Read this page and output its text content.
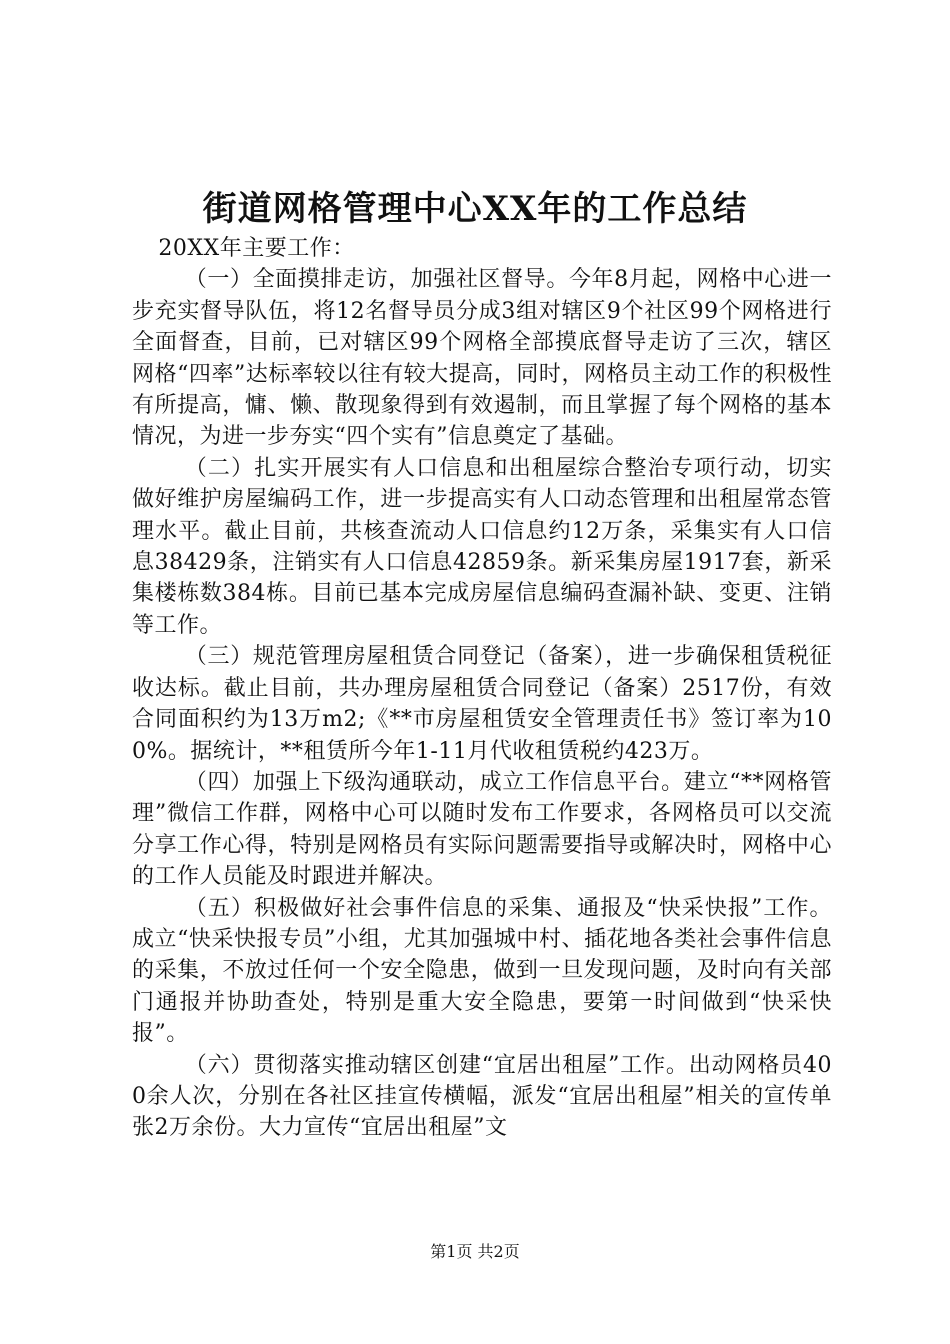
街道网格管理中心XX年的工作总结

20XX年主要工作：

（一）全面摸排走访，加强社区督导。今年8月起，网格中心进一步充实督导队伍，将12名督导员分成3组对辖区9个社区99个网格进行全面督查，目前，已对辖区99个网格全部摸底督导走访了三次，辖区网格“四率”达标率较以往有较大提高，同时，网格员主动工作的积极性有所提高，慵、懒、散现象得到有效遏制，而且掌握了每个网格的基本情况，为进一步夯实“四个实有”信息奠定了基础。

（二）扎实开展实有人口信息和出租屋综合整治专项行动，切实做好维护房屋编码工作，进一步提高实有人口动态管理和出租屋常态管理水平。截止目前，共核查流动人口信息约12万条，采集实有人口信息38429条，注销实有人口信息42859条。新采集房屋1917套，新采集楼栋数384栋。目前已基本完成房屋信息编码查漏补缺、变更、注销等工作。

（三）规范管理房屋租赁合同登记（备案），进一步确保租赁税征收达标。截止目前，共办理房屋租赁合同登记（备案）2517份，有效合同面积约为13万m2;《**市房屋租赁安全管理责任书》签订率为100%。据统计，**租赁所今年1-11月代收租赁税约423万。

（四）加强上下级沟通联动，成立工作信息平台。建立“**网格管理”微信工作群，网格中心可以随时发布工作要求，各网格员可以交流分享工作心得，特别是网格员有实际问题需要指导或解决时，网格中心的工作人员能及时跟进并解决。

（五）积极做好社会事件信息的采集、通报及“快采快报”工作。成立“快采快报专员”小组，尤其加强城中村、插花地各类社会事件信息的采集，不放过任何一个安全隐患，做到一旦发现问题，及时向有关部门通报并协助查处，特别是重大安全隐患，要第一时间做到“快采快报”。

（六）贯彻落实推动辖区创建“宜居出租屋”工作。出动网格员400余人次，分别在各社区挂宣传横幅，派发“宜居出租屋”相关的宣传单张2万余份。大力宣传“宜居出租屋”文

第1页 共2页
